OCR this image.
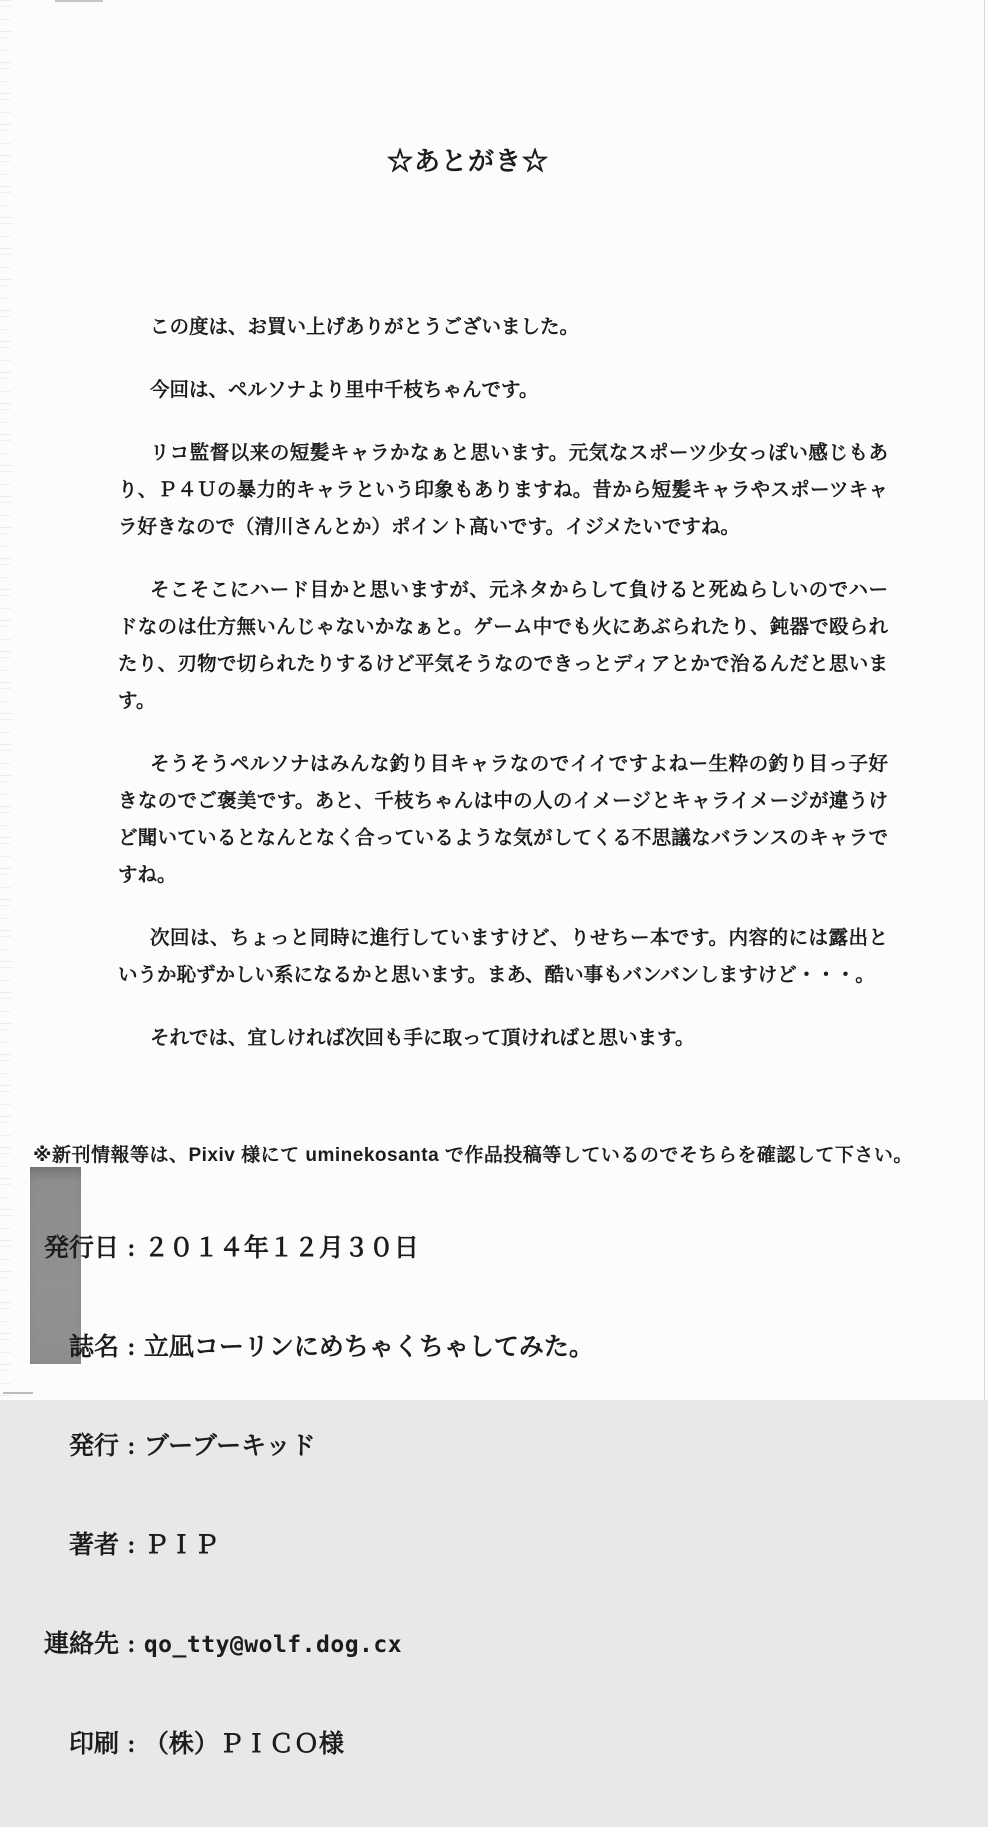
☆あとがき☆

この度は、お買い上げありがとうございました。

今回は、ペルソナより里中千枝ちゃんです。

リコ監督以来の短髪キャラかなぁと思います。元気なスポーツ少女っぽい感じもあり、Ｐ４Ｕの暴力的キャラという印象もありますね。昔から短髪キャラやスポーツキャラ好きなので（清川さんとか）ポイント高いです。イジメたいですね。

そこそこにハード目かと思いますが、元ネタからして負けると死ぬらしいのでハードなのは仕方無いんじゃないかなぁと。ゲーム中でも火にあぶられたり、鈍器で殴られたり、刃物で切られたりするけど平気そうなのできっとディアとかで治るんだと思います。

そうそうペルソナはみんな釣り目キャラなのでイイですよねー生粋の釣り目っ子好きなのでご褒美です。あと、千枝ちゃんは中の人のイメージとキャライメージが違うけど聞いているとなんとなく合っているような気がしてくる不思議なバランスのキャラですね。

次回は、ちょっと同時に進行していますけど、りせちー本です。内容的には露出というか恥ずかしい系になるかと思います。まあ、酷い事もバンバンしますけど・・・。

それでは、宜しければ次回も手に取って頂ければと思います。

※新刊情報等は、Pixiv 様にて uminekosanta で作品投稿等しているのでそちらを確認して下さい。

発行日 : ２０１４年１２月３０日

誌名 : 立凪コーリンにめちゃくちゃしてみた。

発行 : ブーブーキッド

著者 : ＰＩＰ

連絡先 : qo_tty@wolf.dog.cx

印刷 : （株）ＰＩＣＯ様
